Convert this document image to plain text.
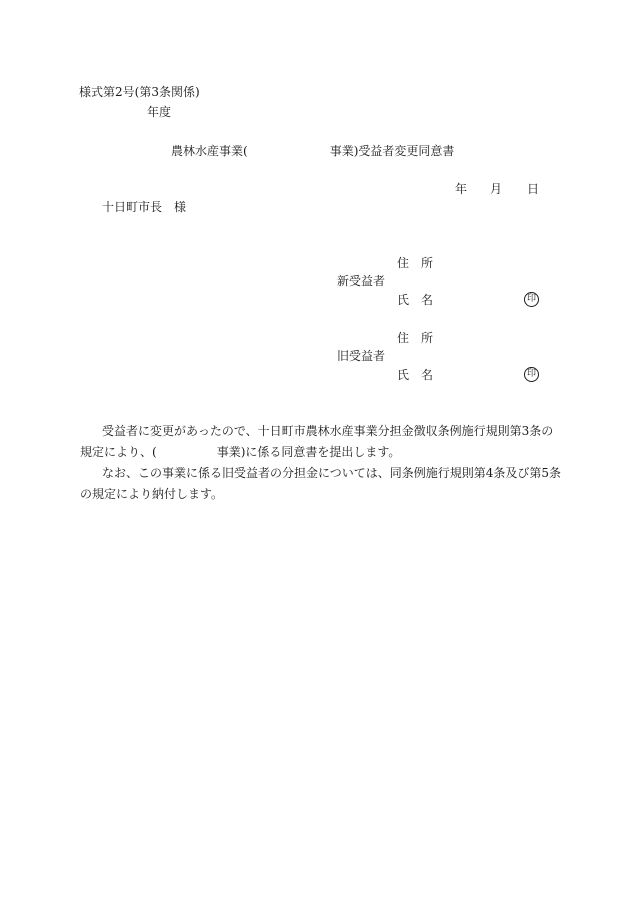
様式第2号(第3条関係)
年度
農林水産事業(	事業)受益者変更同意書
年 月 日
十日町市長　様
住　所
新受益者
氏　名	印
住　所
旧受益者
氏　名	印
受益者に変更があったので、十日町市農林水産事業分担金徴収条例施行規則第3条の
規定により、(	事業)に係る同意書を提出します。
なお、この事業に係る旧受益者の分担金については、同条例施行規則第4条及び第5条
の規定により納付します。
